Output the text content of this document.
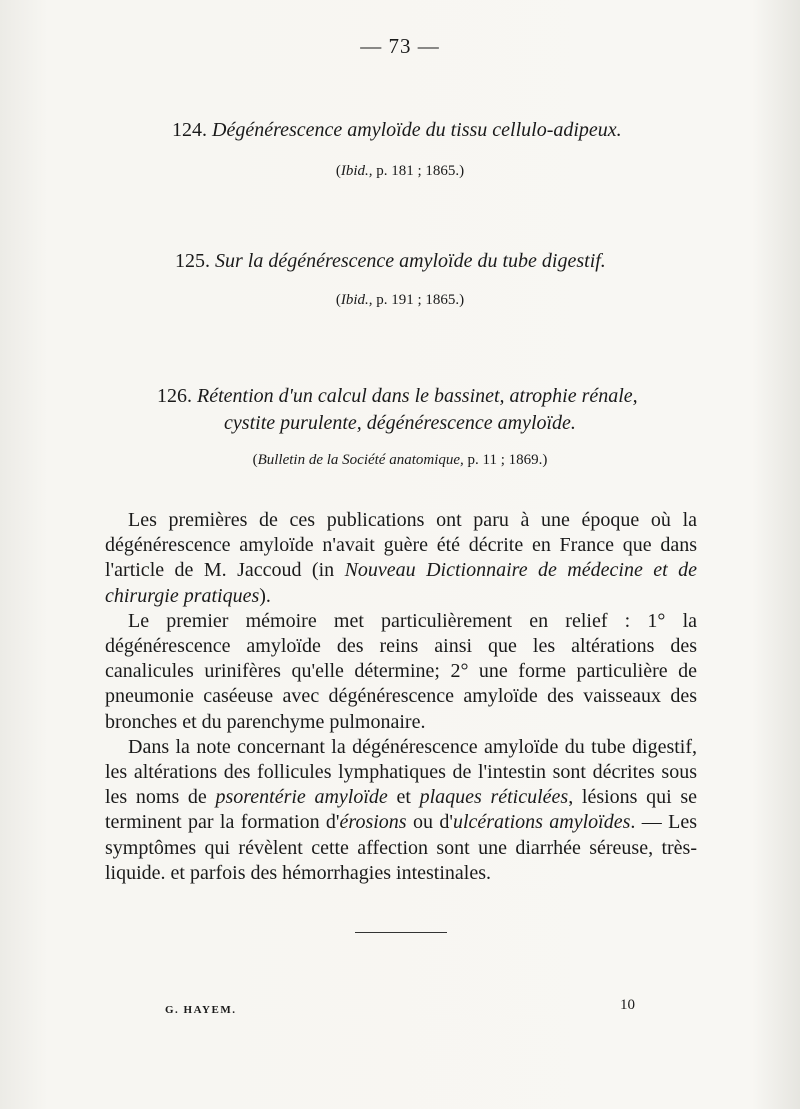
— 73 —
124. Dégénérescence amyloïde du tissu cellulo-adipeux.
(Ibid., p. 181 ; 1865.)
125. Sur la dégénérescence amyloïde du tube digestif.
(Ibid., p. 191 ; 1865.)
126. Rétention d'un calcul dans le bassinet, atrophie rénale,
cystite purulente, dégénérescence amyloïde.
(Bulletin de la Société anatomique, p. 11 ; 1869.)

Les premières de ces publications ont paru à une époque où la dégénérescence amyloïde n'avait guère été décrite en France que dans l'article de M. Jaccoud (in Nouveau Dictionnaire de médecine et de chirurgie pratiques).

Le premier mémoire met particulièrement en relief : 1° la dégénérescence amyloïde des reins ainsi que les altérations des canalicules urinifères qu'elle détermine; 2° une forme particulière de pneumonie caséeuse avec dégénérescence amyloïde des vaisseaux des bronches et du parenchyme pulmonaire.

Dans la note concernant la dégénérescence amyloïde du tube digestif, les altérations des follicules lymphatiques de l'intestin sont décrites sous les noms de psorentérie amyloïde et plaques réticulées, lésions qui se terminent par la formation d'érosions ou d'ulcérations amyloïdes. — Les symptômes qui révèlent cette affection sont une diarrhée séreuse, très-liquide. et parfois des hémorrhagies intestinales.

G. HAYEM.	10
